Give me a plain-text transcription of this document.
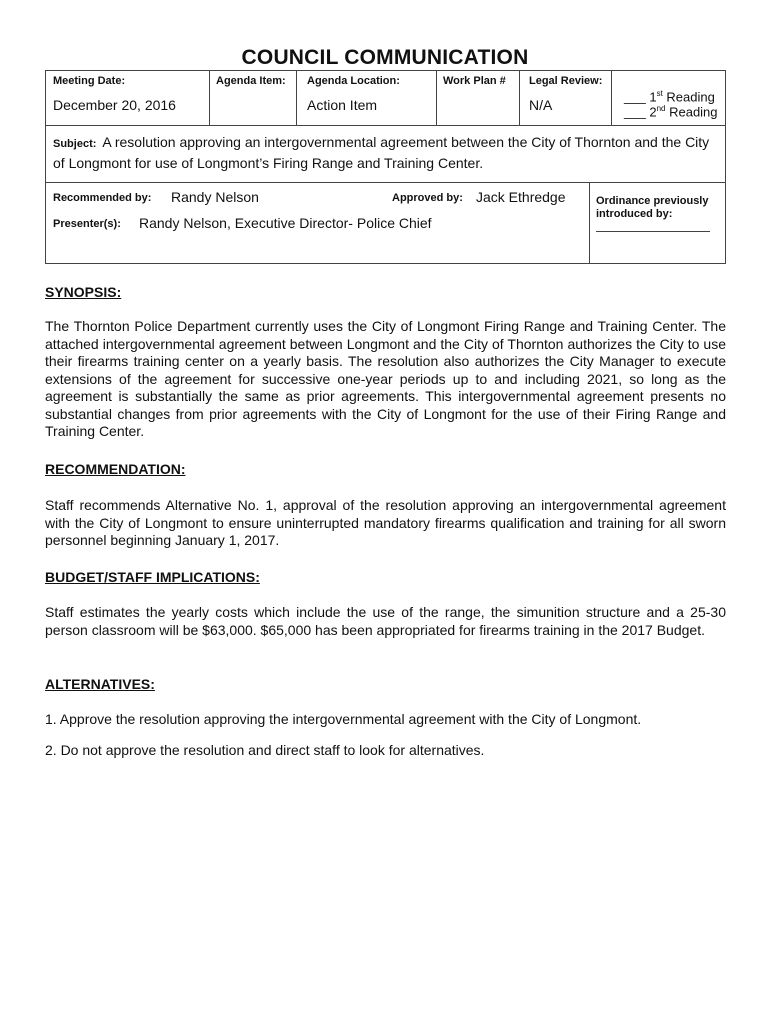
COUNCIL COMMUNICATION
Meeting Date:
December 20, 2016
Agenda Item: Agenda Location:
Action Item
Work Plan # Legal Review:
N/A
___ 1st Reading
___ 2nd Reading
Subject: A resolution approving an intergovernmental agreement between the City of Thornton and the City of Longmont for use of Longmont’s Firing Range and Training Center.
Recommended by: Randy Nelson	Approved by: Jack Ethredge
Presenter(s): Randy Nelson, Executive Director- Police Chief
Ordinance previously introduced by:
SYNOPSIS:
The Thornton Police Department currently uses the City of Longmont Firing Range and Training Center. The attached intergovernmental agreement between Longmont and the City of Thornton authorizes the City to use their firearms training center on a yearly basis. The resolution also authorizes the City Manager to execute extensions of the agreement for successive one-year periods up to and including 2021, so long as the agreement is substantially the same as prior agreements. This intergovernmental agreement presents no substantial changes from prior agreements with the City of Longmont for the use of their Firing Range and Training Center.
RECOMMENDATION:
Staff recommends Alternative No. 1, approval of the resolution approving an intergovernmental agreement with the City of Longmont to ensure uninterrupted mandatory firearms qualification and training for all sworn personnel beginning January 1, 2017.
BUDGET/STAFF IMPLICATIONS:
Staff estimates the yearly costs which include the use of the range, the simunition structure and a 25-30 person classroom will be $63,000. $65,000 has been appropriated for firearms training in the 2017 Budget.
ALTERNATIVES:
1. Approve the resolution approving the intergovernmental agreement with the City of Longmont.
2. Do not approve the resolution and direct staff to look for alternatives.
